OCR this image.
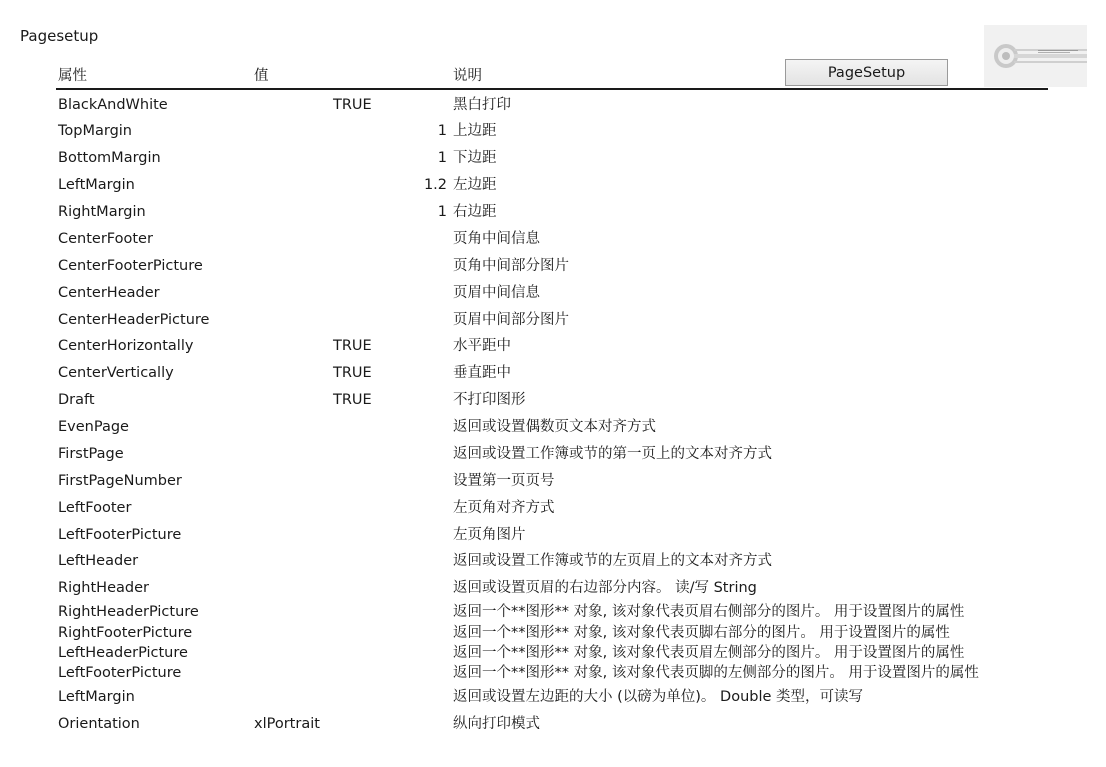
Pagesetup
属性	值	说明	PageSetup
BlackAndWhite	TRUE	黑白打印
TopMargin	1 上边距
BottomMargin	1 下边距
LeftMargin	1.2 左边距
RightMargin	1 右边距
CenterFooter	页角中间信息
CenterFooterPicture	页角中间部分图片
CenterHeader	页眉中间信息
CenterHeaderPicture	页眉中间部分图片
CenterHorizontally	TRUE	水平距中
CenterVertically	TRUE	垂直距中
Draft	TRUE	不打印图形
EvenPage	返回或设置偶数页文本对齐方式
FirstPage	返回或设置工作簿或节的第一页上的文本对齐方式
FirstPageNumber	设置第一页页号
LeftFooter	左页角对齐方式
LeftFooterPicture	左页角图片
LeftHeader	返回或设置工作簿或节的左页眉上的文本对齐方式
RightHeader	返回或设置页眉的右边部分内容。 读/写 String
RightHeaderPicture	返回一个**图形** 对象, 该对象代表页眉右侧部分的图片。 用于设置图片的属性
RightFooterPicture	返回一个**图形** 对象, 该对象代表页脚右部分的图片。 用于设置图片的属性
LeftHeaderPicture	返回一个**图形** 对象, 该对象代表页眉左侧部分的图片。 用于设置图片的属性
LeftFooterPicture	返回一个**图形** 对象, 该对象代表页脚的左侧部分的图片。 用于设置图片的属性
LeftMargin	返回或设置左边距的大小 (以磅为单位)。 Double 类型，可读写
Orientation	xlPortrait	纵向打印模式
